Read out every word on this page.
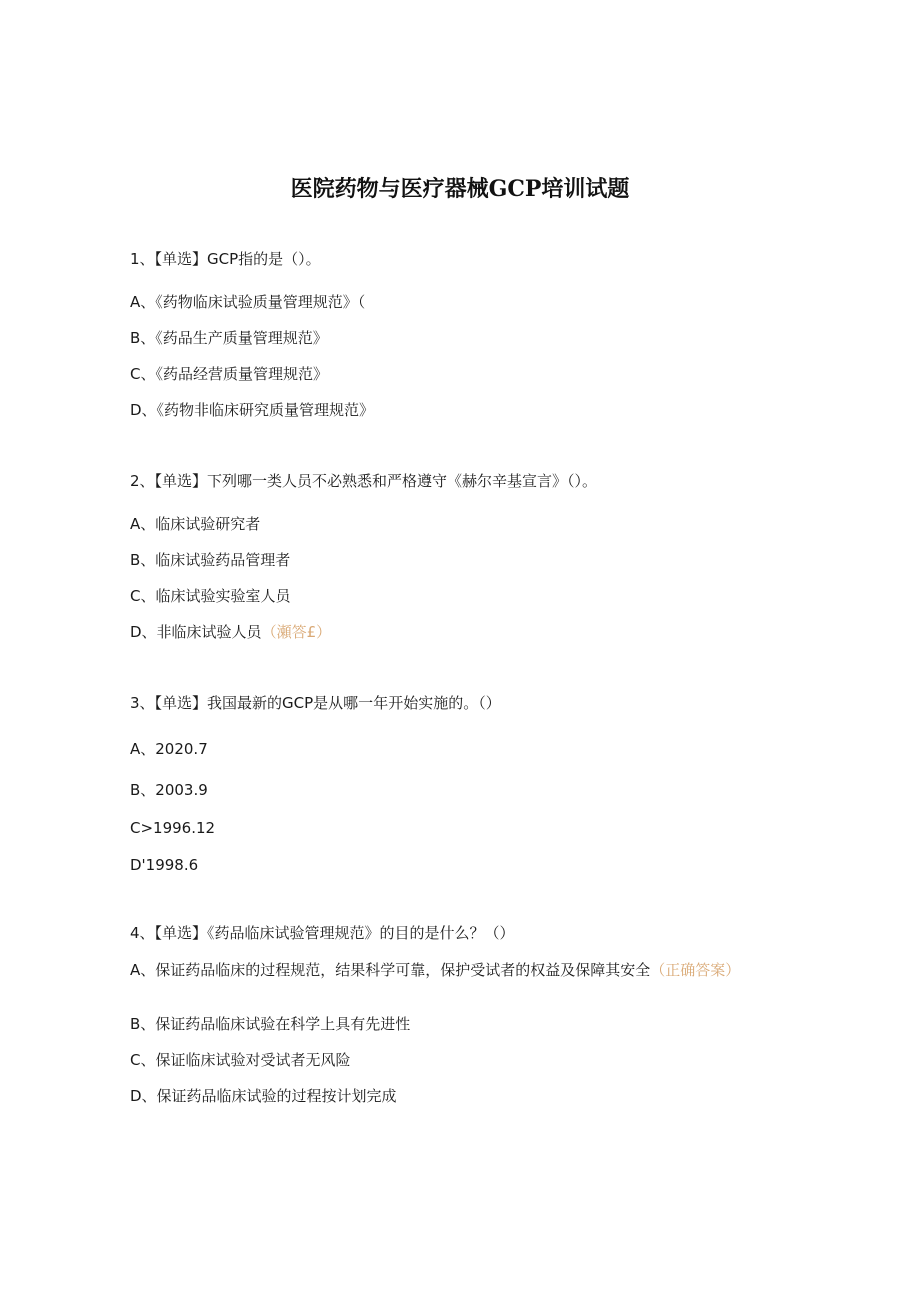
医院药物与医疗器械GCP培训试题
1、【单选】GCP指的是（）。
A、《药物临床试验质量管理规范》（
B、《药品生产质量管理规范》
C、《药品经营质量管理规范》
D、《药物非临床研究质量管理规范》
2、【单选】下列哪一类人员不必熟悉和严格遵守《赫尔辛基宣言》（）。
A、临床试验研究者
B、临床试验药品管理者
C、临床试验实验室人员
D、非临床试验人员（瀬答£）
3、【单选】我国最新的GCP是从哪一年开始实施的。（）
A、2020.7
B、2003.9
C>1996.12
D'1998.6
4、【单选】《药品临床试验管理规范》的目的是什么？（）
A、保证药品临床的过程规范，结果科学可靠，保护受试者的权益及保障其安全（正确答案）
B、保证药品临床试验在科学上具有先进性
C、保证临床试验对受试者无风险
D、保证药品临床试验的过程按计划完成
